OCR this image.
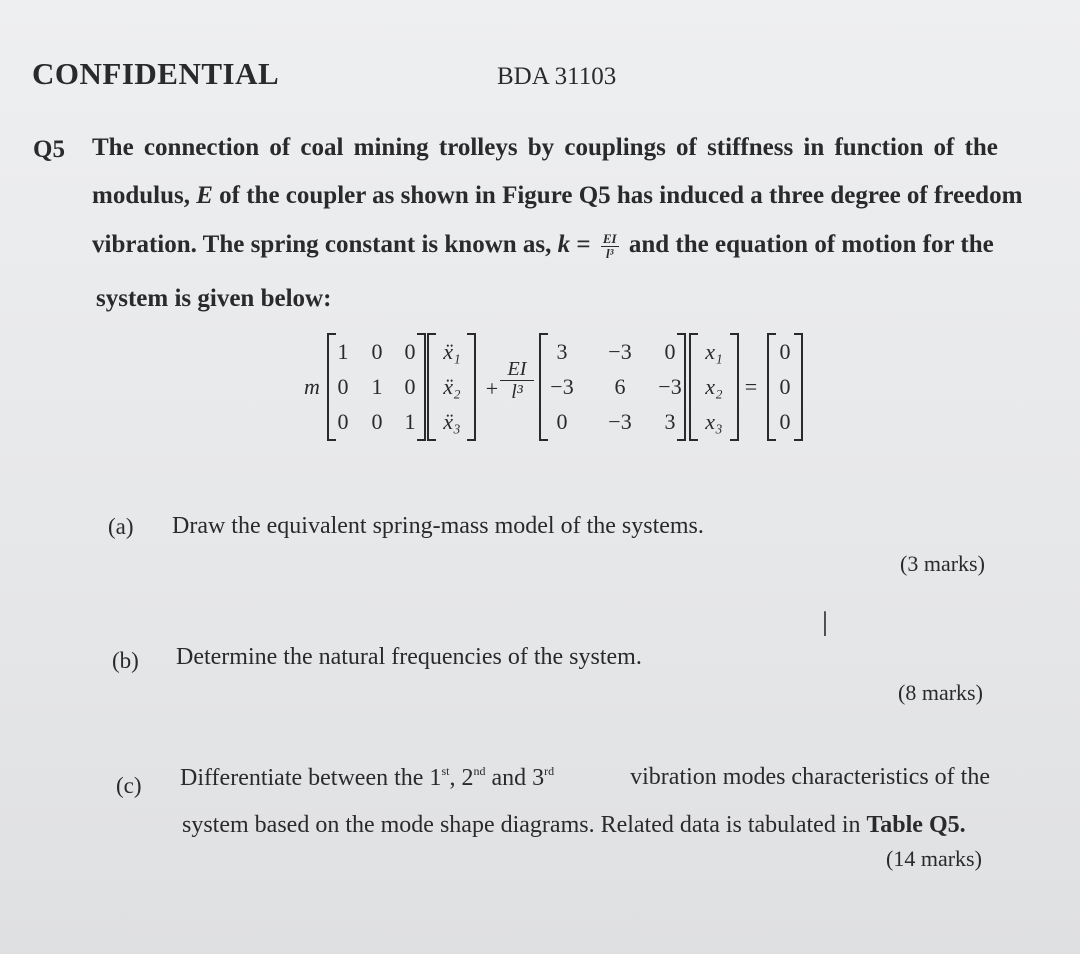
CONFIDENTIAL	BDA 31103
Q5 The connection of coal mining trolleys by couplings of stiffness in function of the
modulus, E of the coupler as shown in Figure Q5 has induced a three degree of freedom
vibration. The spring constant is known as, $k = \frac{EI}{\text{l³}}$ and the equation of motion for the
system is given below:
m
1	0	0
0	1	0
0	0	1
ẍ₁
ẍ₂
ẍ₃
+ $\frac{EI}{\text{l³}}$
3	−3	0
−3	6	−3
0	−3	3
x₁
x₂
x₃
=
0
0
0
(a) Draw the equivalent spring-mass model of the systems.
(3 marks)
I
(b) Determine the natural frequencies of the system.
(8 marks)
(c) Differentiate between the 1st, 2nd and 3rd	vibration modes characteristics of the
system based on the mode shape diagrams. Related data is tabulated in Table Q5.
(14 marks)
